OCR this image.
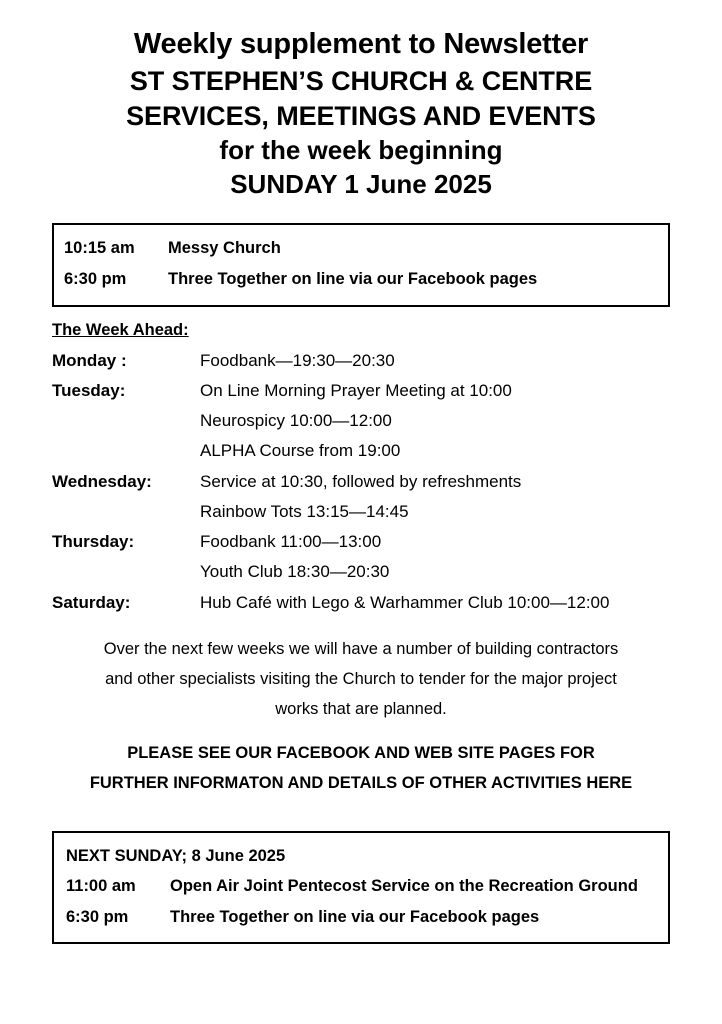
Weekly supplement to Newsletter
ST STEPHEN’S CHURCH & CENTRE
SERVICES, MEETINGS AND EVENTS
for the week beginning
SUNDAY 1 June 2025
10:15 am	Messy Church
6:30 pm	Three Together on line via our Facebook pages
The Week Ahead:
Monday :	Foodbank—19:30—20:30
Tuesday:	On Line Morning Prayer Meeting at 10:00
Neurospicy 10:00—12:00
ALPHA Course from 19:00
Wednesday:	Service at 10:30, followed by refreshments
Rainbow Tots 13:15—14:45
Thursday:	Foodbank 11:00—13:00
Youth Club 18:30—20:30
Saturday:	Hub Café with Lego & Warhammer Club 10:00—12:00
Over the next few weeks we will have a number of building contractors
and other specialists visiting the Church to tender for the major project
works that are planned.
PLEASE SEE OUR FACEBOOK AND WEB SITE PAGES FOR
FURTHER INFORMATON AND DETAILS OF OTHER ACTIVITIES HERE
NEXT SUNDAY; 8 June 2025
11:00 am	Open Air Joint Pentecost Service on the Recreation Ground
6:30 pm	Three Together on line via our Facebook pages
